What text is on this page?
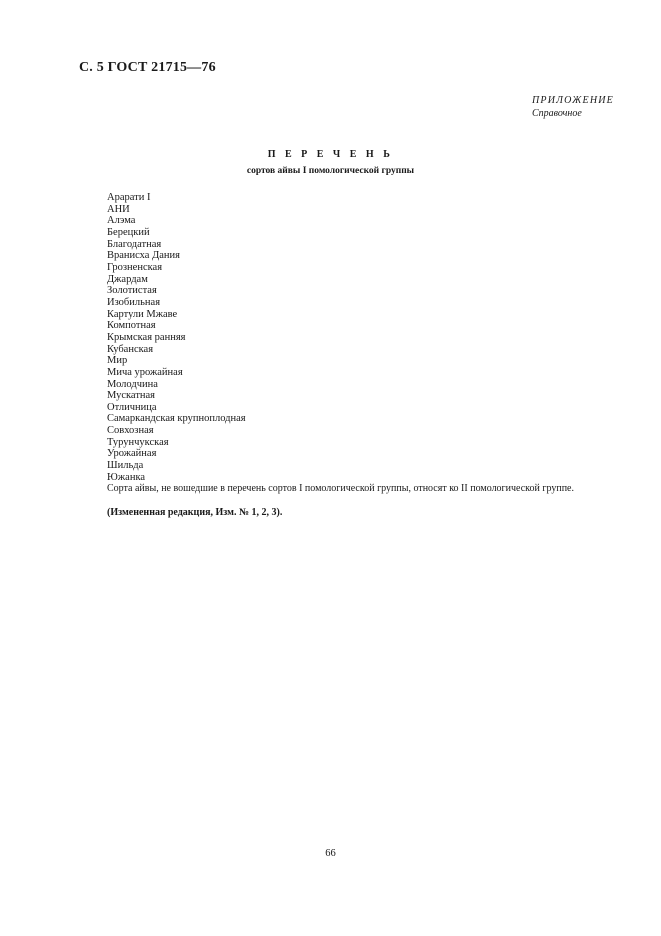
С. 5 ГОСТ 21715—76
ПРИЛОЖЕНИЕ
Справочное
П Е Р Е Ч Е Н Ь
сортов айвы I помологической группы
Арарати I
АНИ
Алэма
Берецкий
Благодатная
Вранисха Дания
Грозненская
Джардам
Золотистая
Изобильная
Картули Мжаве
Компотная
Крымская ранняя
Кубанская
Мир
Мича урожайная
Молодчина
Мускатная
Отличница
Самаркандская крупноплодная
Совхозная
Турунчукская
Урожайная
Шильда
Южанка

Сорта айвы, не вошедшие в перечень сортов I помологической группы, относят ко II помологической группе.

(Измененная редакция, Изм. № 1, 2, 3).

66
